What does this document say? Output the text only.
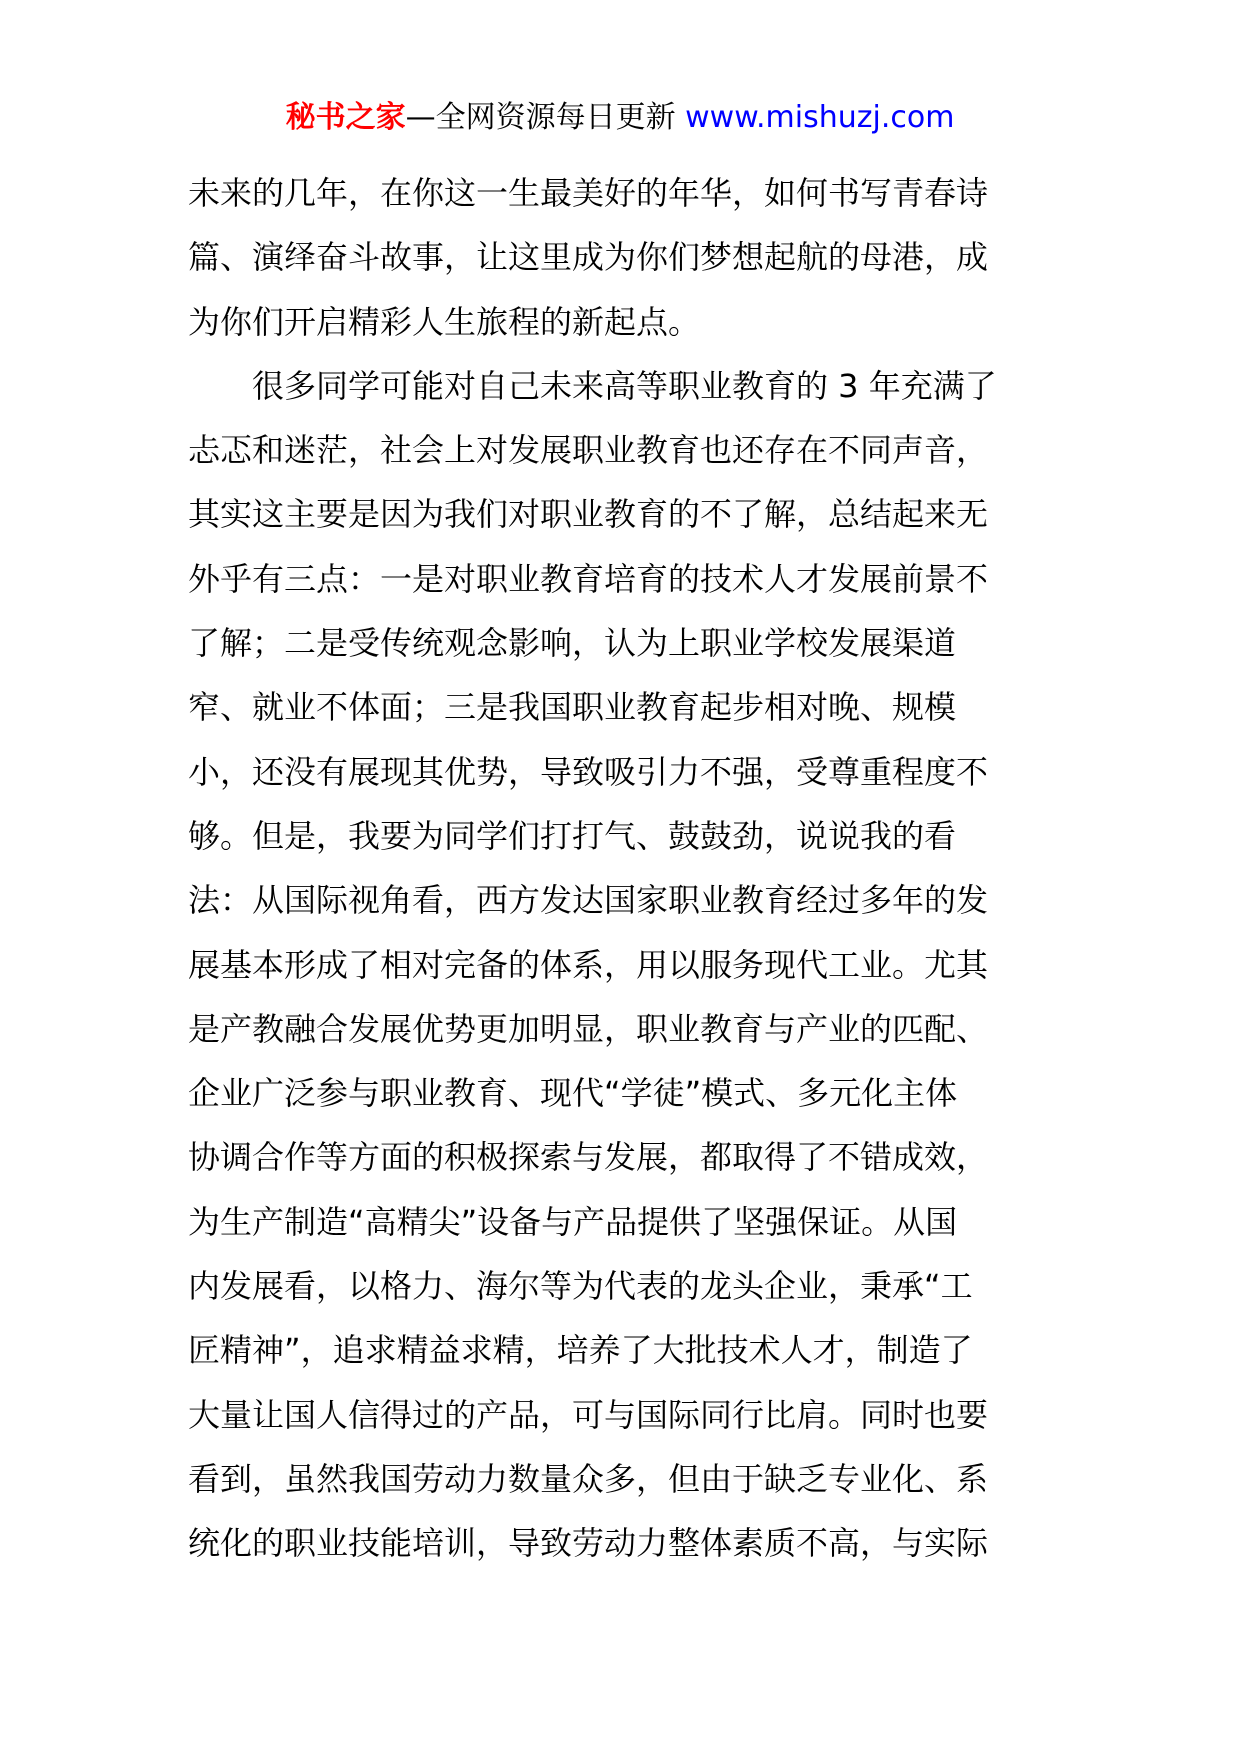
秘书之家—全网资源每日更新 www.mishuzj.com
未来的几年，在你这一生最美好的年华，如何书写青春诗
篇、演绎奋斗故事，让这里成为你们梦想起航的母港，成
为你们开启精彩人生旅程的新起点。
　　很多同学可能对自己未来高等职业教育的 3 年充满了
忐忑和迷茫，社会上对发展职业教育也还存在不同声音，
其实这主要是因为我们对职业教育的不了解，总结起来无
外乎有三点：一是对职业教育培育的技术人才发展前景不
了解；二是受传统观念影响，认为上职业学校发展渠道
窄、就业不体面；三是我国职业教育起步相对晚、规模
小，还没有展现其优势，导致吸引力不强，受尊重程度不
够。但是，我要为同学们打打气、鼓鼓劲，说说我的看
法：从国际视角看，西方发达国家职业教育经过多年的发
展基本形成了相对完备的体系，用以服务现代工业。尤其
是产教融合发展优势更加明显，职业教育与产业的匹配、
企业广泛参与职业教育、现代“学徒”模式、多元化主体
协调合作等方面的积极探索与发展，都取得了不错成效，
为生产制造“高精尖”设备与产品提供了坚强保证。从国
内发展看，以格力、海尔等为代表的龙头企业，秉承“工
匠精神”，追求精益求精，培养了大批技术人才，制造了
大量让国人信得过的产品，可与国际同行比肩。同时也要
看到，虽然我国劳动力数量众多，但由于缺乏专业化、系
统化的职业技能培训，导致劳动力整体素质不高，与实际
